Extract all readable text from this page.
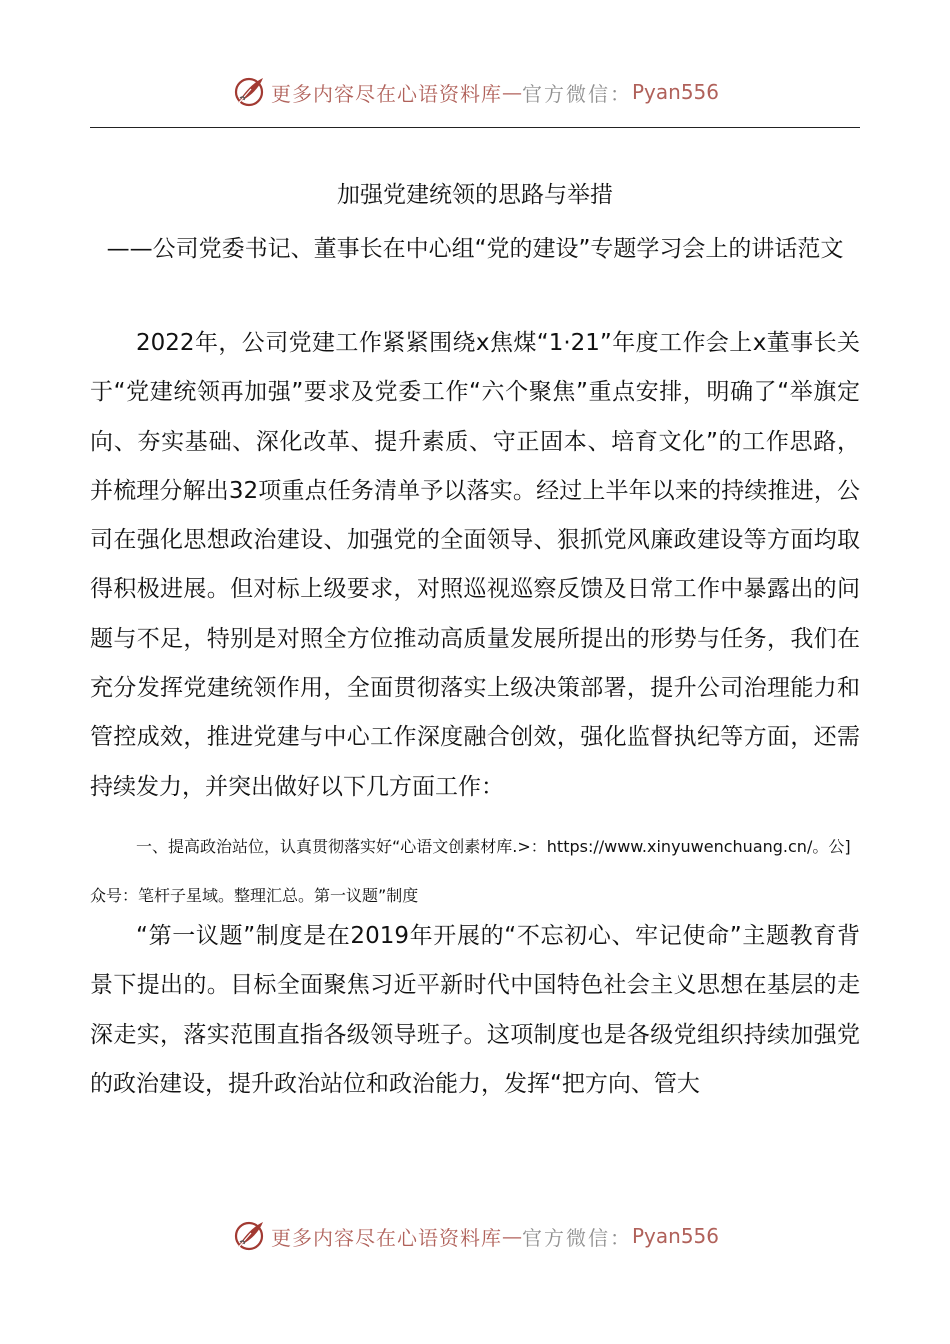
更多内容尽在心语资料库 — 官方微信： Pyan556
加强党建统领的思路与举措
——公司党委书记、董事长在中心组“党的建设”专题学习会上的讲话范文

2022年，公司党建工作紧紧围绕x焦煤“1·21”年度工作会上x董事长关于“党建统领再加强”要求及党委工作“六个聚焦”重点安排，明确了“举旗定向、夯实基础、深化改革、提升素质、守正固本、培育文化”的工作思路，并梳理分解出32项重点任务清单予以落实。经过上半年以来的持续推进，公司在强化思想政治建设、加强党的全面领导、狠抓党风廉政建设等方面均取得积极进展。但对标上级要求，对照巡视巡察反馈及日常工作中暴露出的问题与不足，特别是对照全方位推动高质量发展所提出的形势与任务，我们在充分发挥党建统领作用，全面贯彻落实上级决策部署，提升公司治理能力和管控成效，推进党建与中心工作深度融合创效，强化监督执纪等方面，还需持续发力，并突出做好以下几方面工作：

一、提高政治站位，认真贯彻落实好“心语文创素材库.>：https://www.xinyuwenchuang.cn/。公]众号：笔杆子星域。整理汇总。第一议题”制度

“第一议题”制度是在2019年开展的“不忘初心、牢记使命”主题教育背景下提出的。目标全面聚焦习近平新时代中国特色社会主义思想在基层的走深走实，落实范围直指各级领导班子。这项制度也是各级党组织持续加强党的政治建设，提升政治站位和政治能力，发挥“把方向、管大

更多内容尽在心语资料库 — 官方微信： Pyan556
